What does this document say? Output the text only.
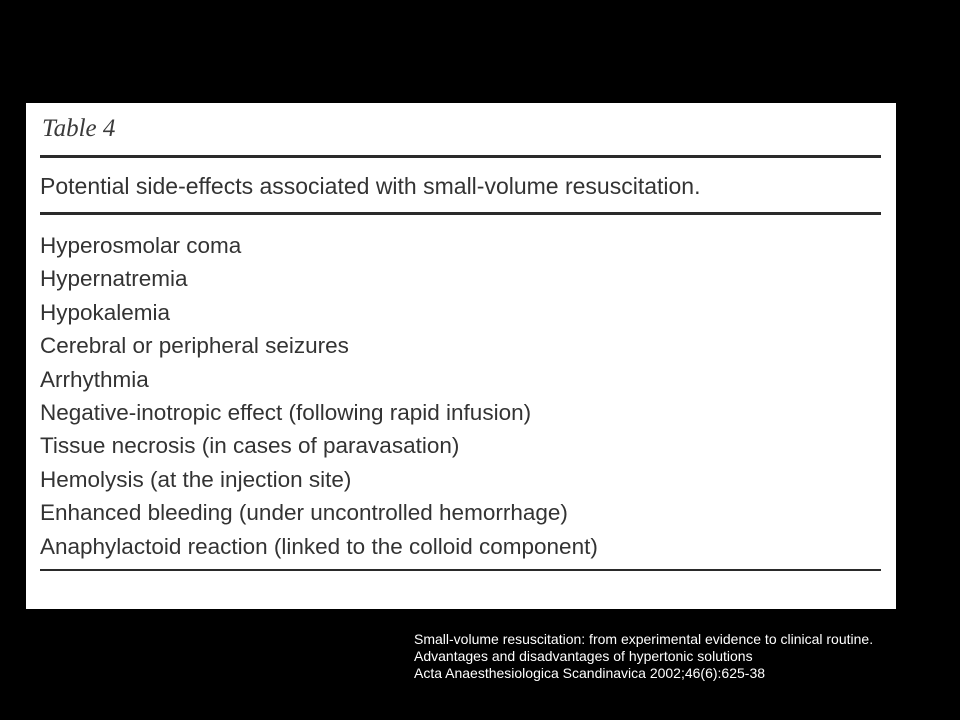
Table 4
Potential side-effects associated with small-volume resuscitation.
Hyperosmolar coma
Hypernatremia
Hypokalemia
Cerebral or peripheral seizures
Arrhythmia
Negative-inotropic effect (following rapid infusion)
Tissue necrosis (in cases of paravasation)
Hemolysis (at the injection site)
Enhanced bleeding (under uncontrolled hemorrhage)
Anaphylactoid reaction (linked to the colloid component)
Small-volume resuscitation: from experimental evidence to clinical routine.
Advantages and disadvantages of hypertonic solutions
Acta Anaesthesiologica Scandinavica 2002;46(6):625-38
